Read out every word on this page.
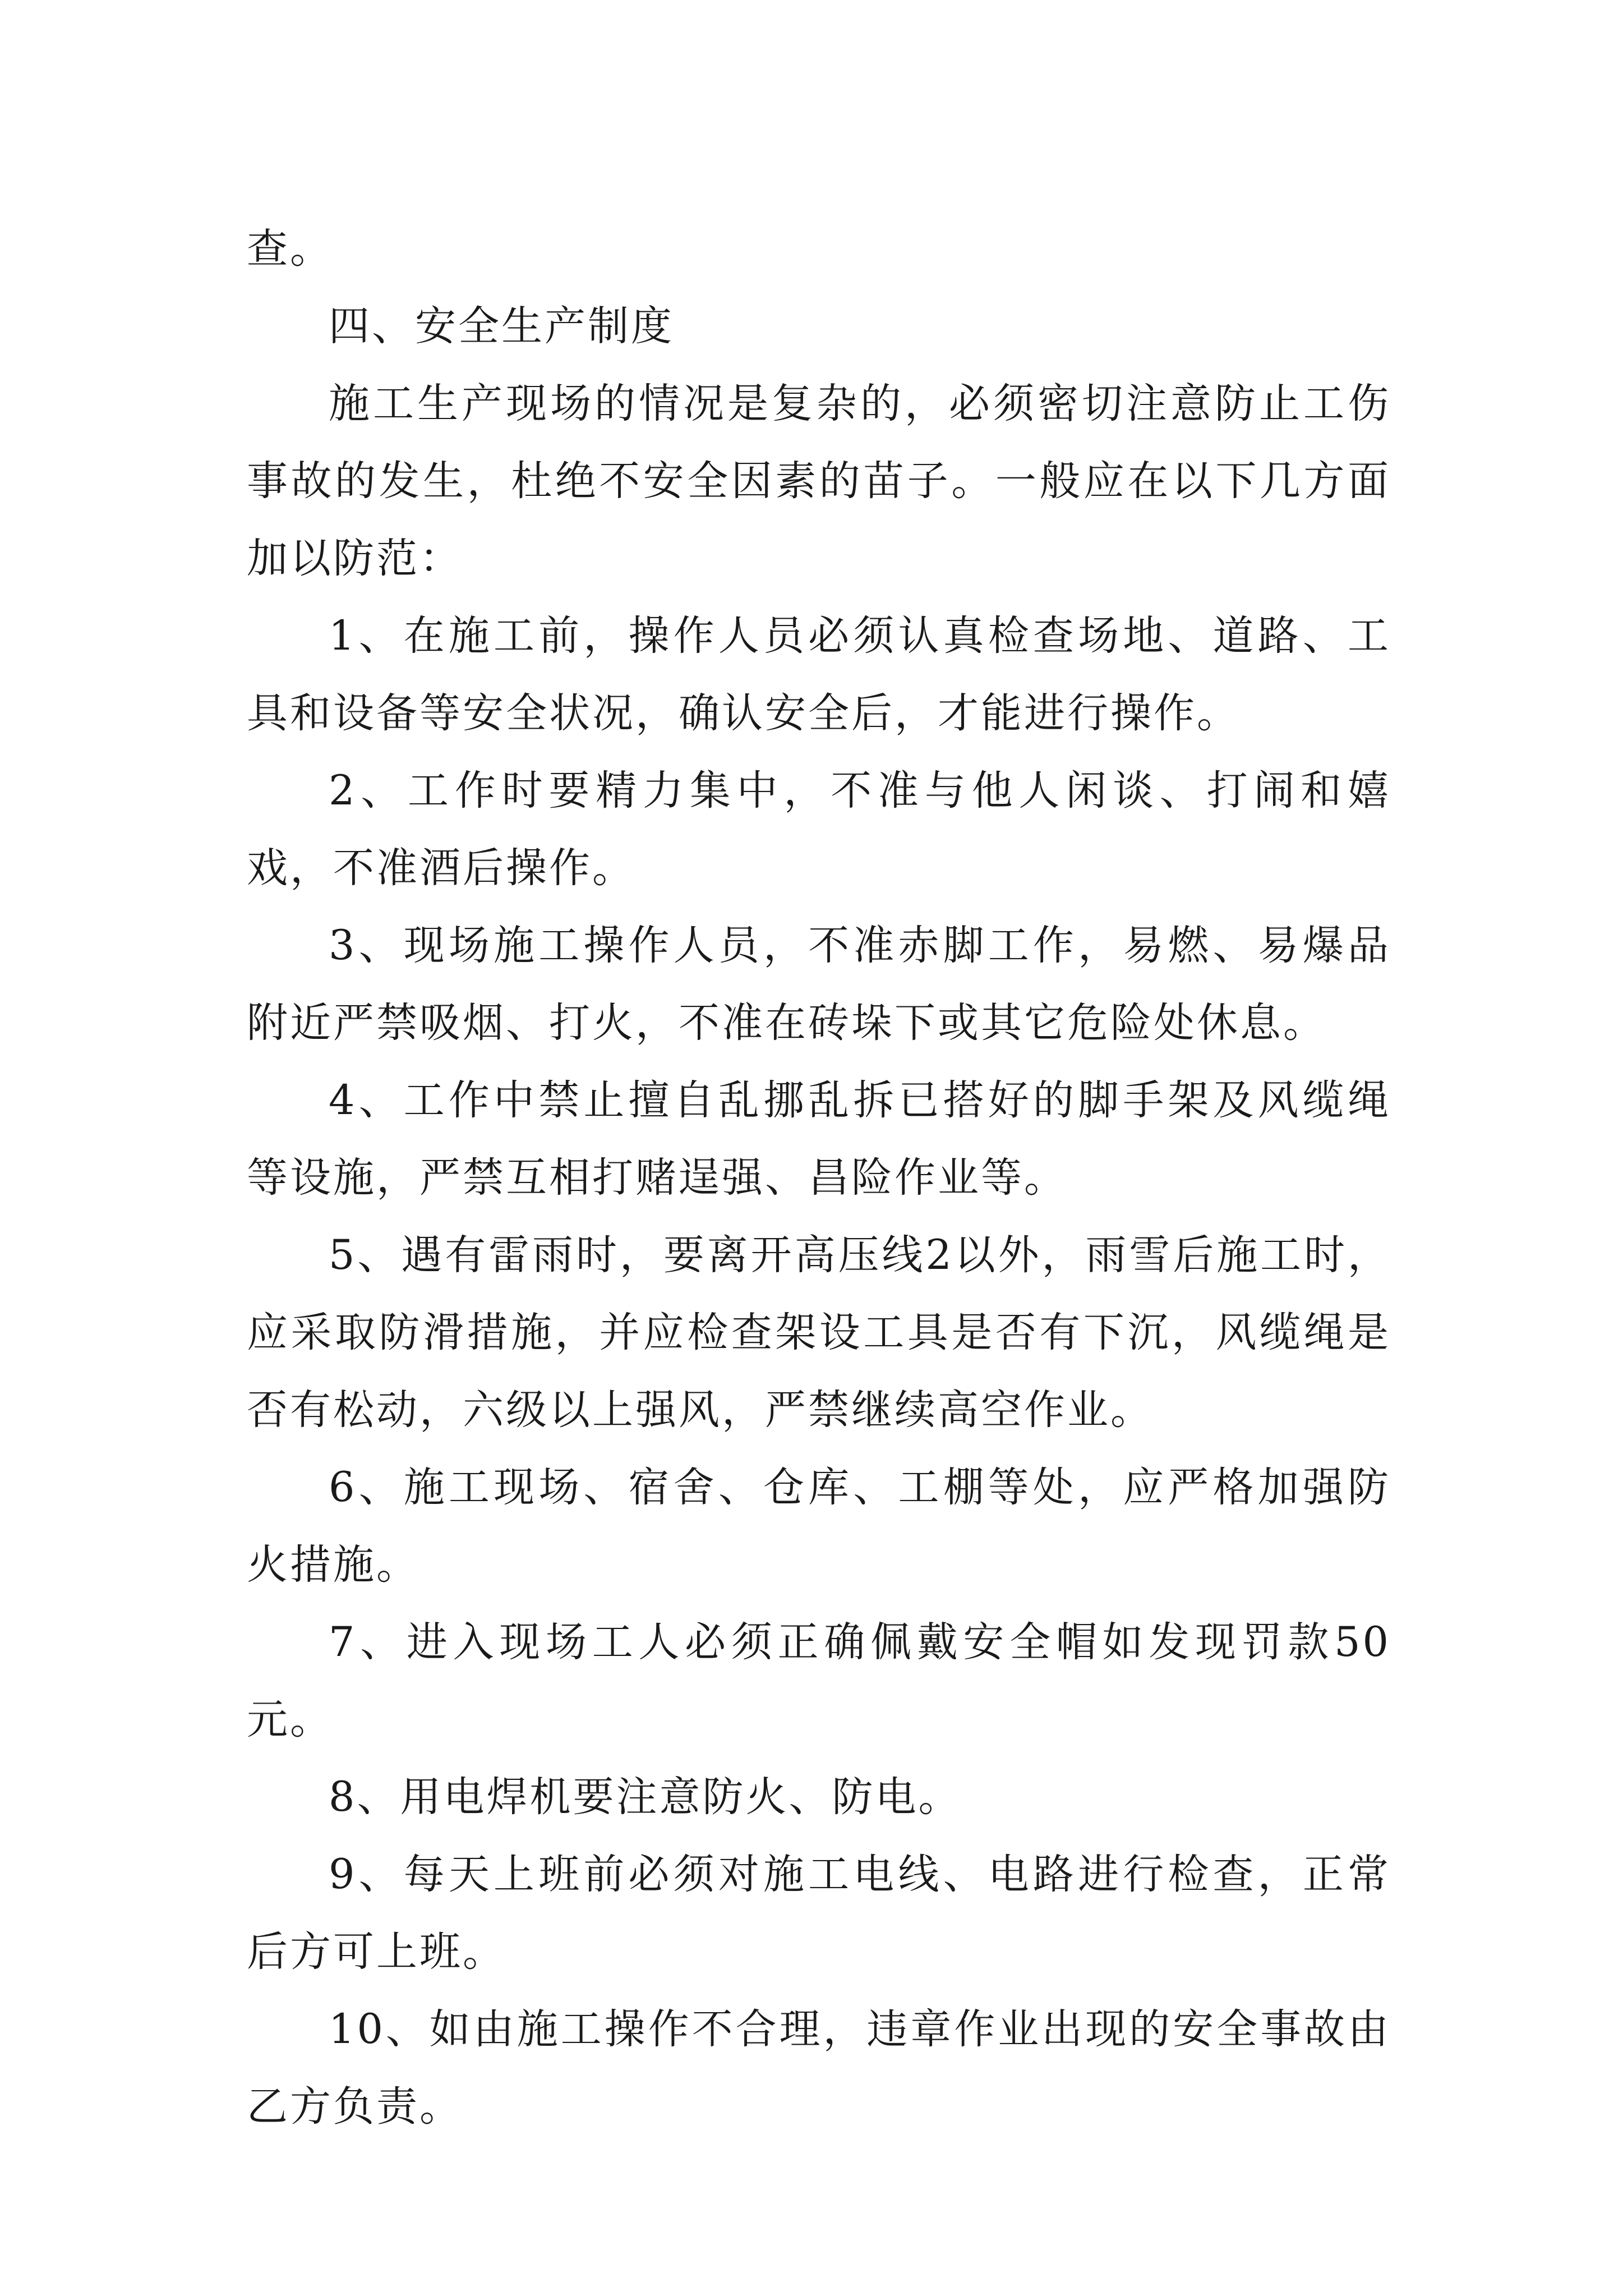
查。

四、安全生产制度

施工生产现场的情况是复杂的，必须密切注意防止工伤事故的发生，杜绝不安全因素的苗子。一般应在以下几方面加以防范：

1、在施工前，操作人员必须认真检查场地、道路、工具和设备等安全状况，确认安全后，才能进行操作。

2、工作时要精力集中，不准与他人闲谈、打闹和嬉戏，不准酒后操作。

3、现场施工操作人员，不准赤脚工作，易燃、易爆品附近严禁吸烟、打火，不准在砖垛下或其它危险处休息。

4、工作中禁止擅自乱挪乱拆已搭好的脚手架及风缆绳等设施，严禁互相打赌逞强、昌险作业等。

5、遇有雷雨时，要离开高压线2以外，雨雪后施工时，应采取防滑措施，并应检查架设工具是否有下沉，风缆绳是否有松动，六级以上强风，严禁继续高空作业。

6、施工现场、宿舍、仓库、工棚等处，应严格加强防火措施。

7、进入现场工人必须正确佩戴安全帽如发现罚款50元。

8、用电焊机要注意防火、防电。

9、每天上班前必须对施工电线、电路进行检查，正常后方可上班。

10、如由施工操作不合理，违章作业出现的安全事故由乙方负责。
